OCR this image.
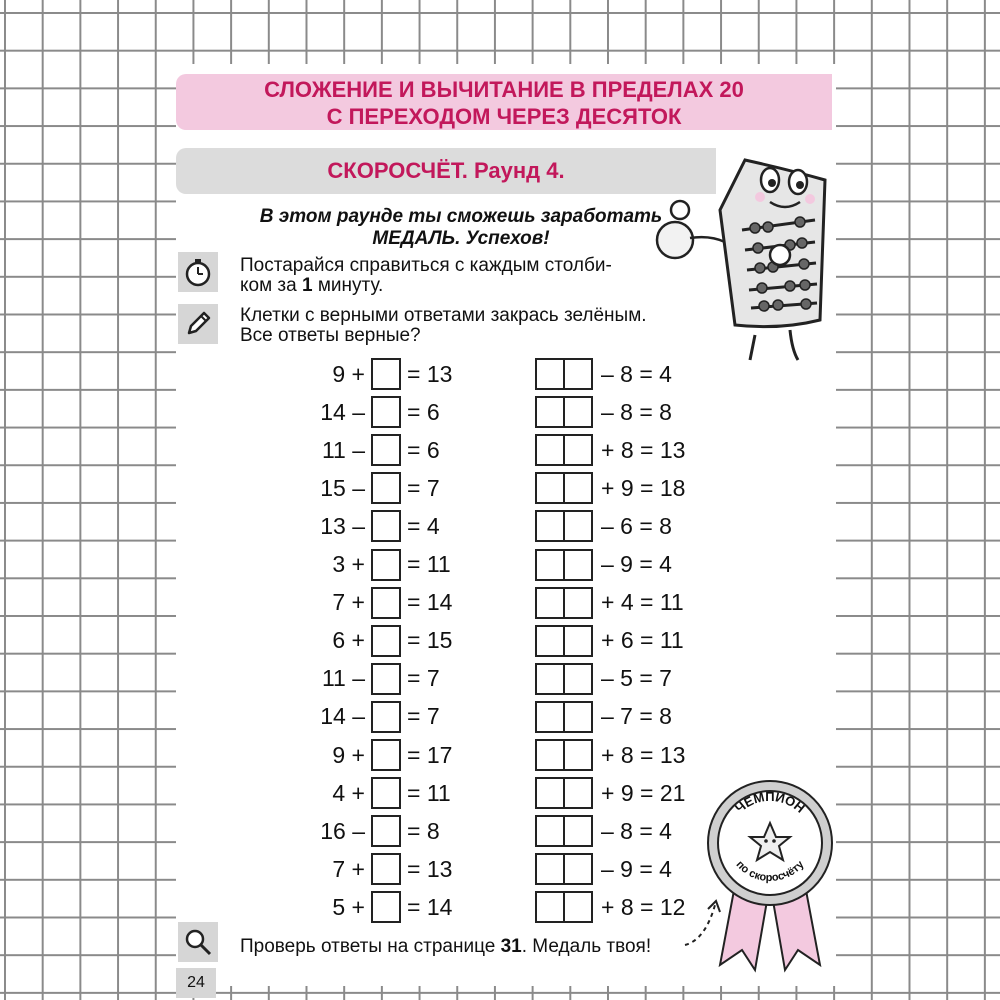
СЛОЖЕНИЕ И ВЫЧИТАНИЕ В ПРЕДЕЛАХ 20
С ПЕРЕХОДОМ ЧЕРЕЗ ДЕСЯТОК
СКОРОСЧЁТ. Раунд 4.
В этом раунде ты сможешь заработать
МЕДАЛЬ. Успехов!
Постарайся справиться с каждым столби-
ком за 1 минуту.
Клетки с верными ответами закрась зелёным.
Все ответы верные?
9 + = 13
14 – = 6
11 – = 6
15 – = 7
13 – = 4
3 + = 11
7 + = 14
6 + = 15
11 – = 7
14 – = 7
9 + = 17
4 + = 11
16 – = 8
7 + = 13
5 + = 14
– 8 = 4
– 8 = 8
+ 8 = 13
+ 9 = 18
– 6 = 8
– 9 = 4
+ 4 = 11
+ 6 = 11
– 5 = 7
– 7 = 8
+ 8 = 13
+ 9 = 21
– 8 = 4
– 9 = 4
+ 8 = 12
ЧЕМПИОН
по скоросчёту
Проверь ответы на странице 31. Медаль твоя!
24
